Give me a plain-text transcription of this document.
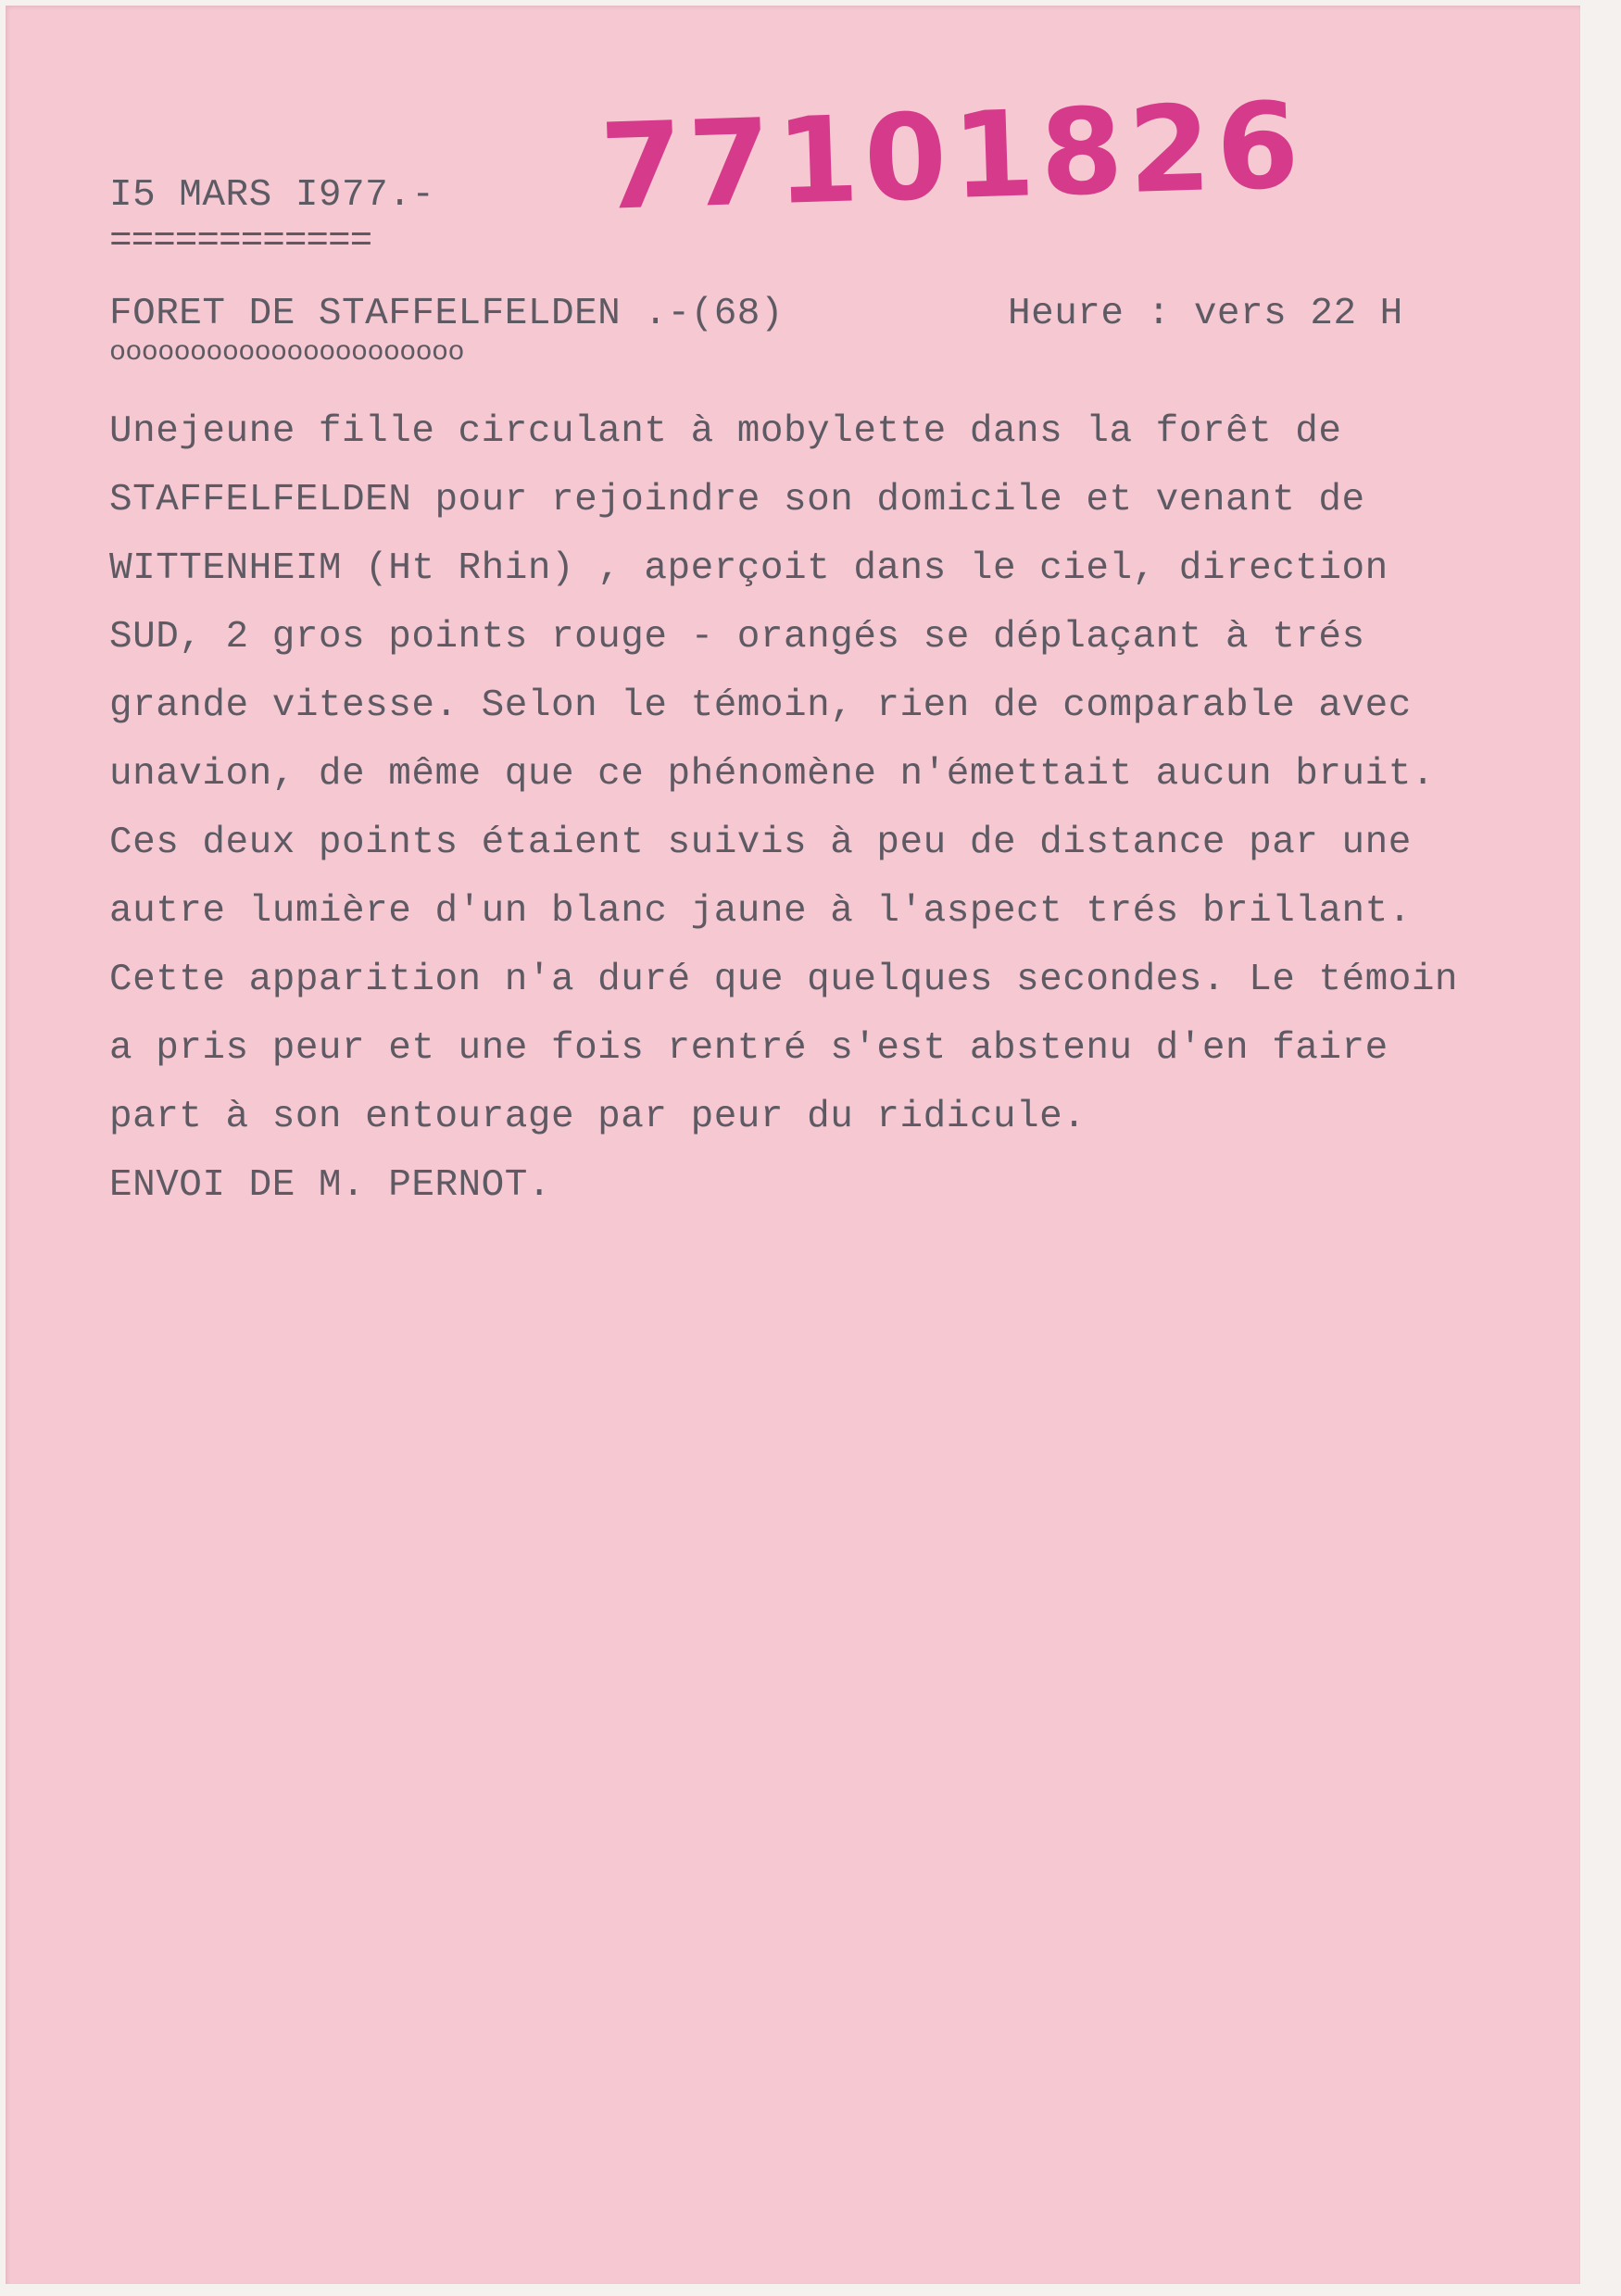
I5 MARS I977.-
============
77101826
FORET DE STAFFELFELDEN .-(68)
oooooooooooooooooooooo
Heure : vers 22 H
Unejeune fille circulant à mobylette dans la forêt de
STAFFELFELDEN pour rejoindre son domicile et venant de
WITTENHEIM (Ht Rhin) , aperçoit dans le ciel, direction
SUD, 2 gros points rouge - orangés se déplaçant à trés
grande vitesse. Selon le témoin, rien de comparable avec
unavion, de même que ce phénomène n'émettait aucun bruit.
Ces deux points étaient suivis à peu de distance par une
autre lumière d'un blanc jaune à l'aspect trés brillant.
Cette apparition n'a duré que quelques secondes. Le témoin
a pris peur et une fois rentré s'est abstenu d'en faire
part à son entourage par peur du ridicule.
ENVOI DE M. PERNOT.
